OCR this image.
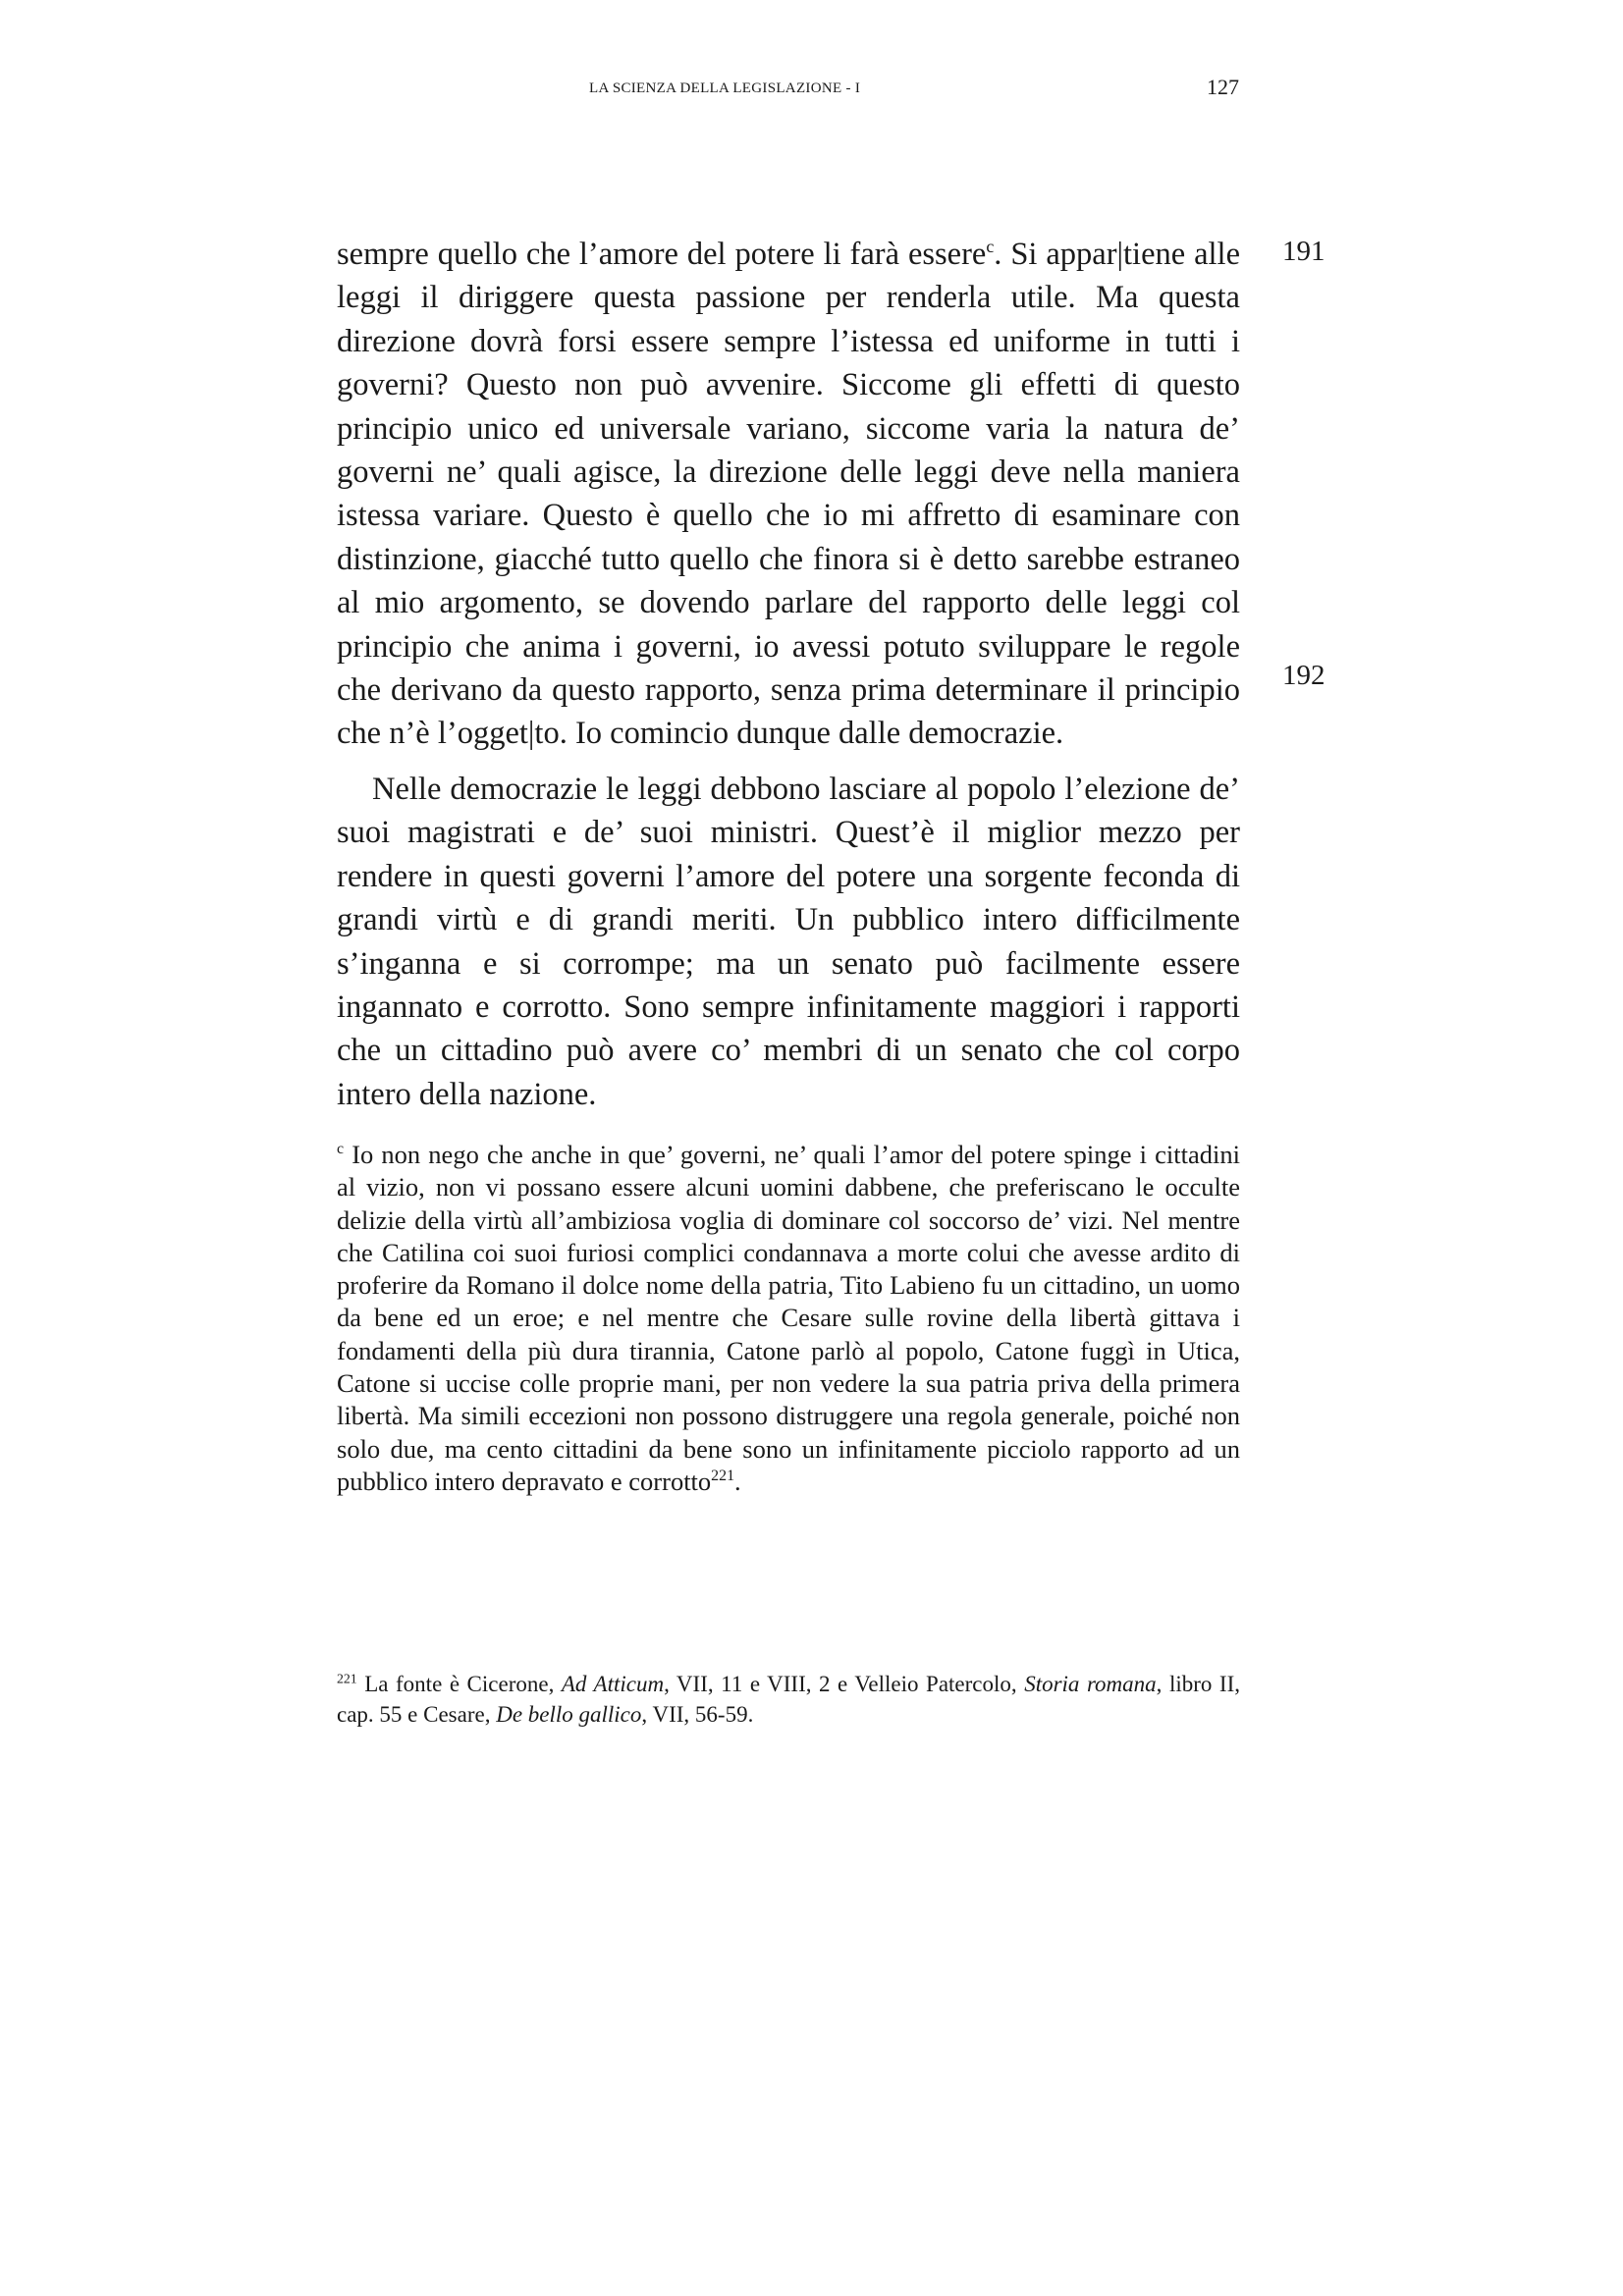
LA SCIENZA DELLA LEGISLAZIONE - I	127
191
192

sempre quello che l’amore del potere li farà essere$^c$. Si appar|tiene alle leggi il diriggere questa passione per renderla utile. Ma questa direzione dovrà forsi essere sempre l’istessa ed uniforme in tutti i governi? Questo non può avvenire. Siccome gli effetti di questo principio unico ed universale variano, siccome varia la natura de’ governi ne’ quali agisce, la direzione delle leggi deve nella maniera istessa variare. Questo è quello che io mi affretto di esaminare con distinzione, giacché tutto quello che finora si è detto sarebbe estraneo al mio argomento, se dovendo parlare del rapporto delle leggi col principio che anima i governi, io avessi potuto sviluppare le regole che derivano da questo rapporto, senza prima determinare il principio che n’è l’ogget|to. Io comincio dunque dalle democrazie.

Nelle democrazie le leggi debbono lasciare al popolo l’elezione de’ suoi magistrati e de’ suoi ministri. Quest’è il miglior mezzo per rendere in questi governi l’amore del potere una sorgente feconda di grandi virtù e di grandi meriti. Un pubblico intero difficilmente s’inganna e si corrompe; ma un senato può facilmente essere ingannato e corrotto. Sono sempre infinitamente maggiori i rapporti che un cittadino può avere co’ membri di un senato che col corpo intero della nazione.

$^c$ Io non nego che anche in que’ governi, ne’ quali l’amor del potere spinge i cittadini al vizio, non vi possano essere alcuni uomini dabbene, che preferiscano le occulte delizie della virtù all’ambiziosa voglia di dominare col soccorso de’ vizi. Nel mentre che Catilina coi suoi furiosi complici condannava a morte colui che avesse ardito di proferire da Romano il dolce nome della patria, Tito Labieno fu un cittadino, un uomo da bene ed un eroe; e nel mentre che Cesare sulle rovine della libertà gittava i fondamenti della più dura tirannia, Catone parlò al popolo, Catone fuggì in Utica, Catone si uccise colle proprie mani, per non vedere la sua patria priva della primera libertà. Ma simili eccezioni non possono distruggere una regola generale, poiché non solo due, ma cento cittadini da bene sono un infinitamente picciolo rapporto ad un pubblico intero depravato e corrotto$^{221}$.

$^{221}$ La fonte è Cicerone, Ad Atticum, VII, 11 e VIII, 2 e Velleio Patercolo, Storia romana, libro II, cap. 55 e Cesare, De bello gallico, VII, 56-59.
